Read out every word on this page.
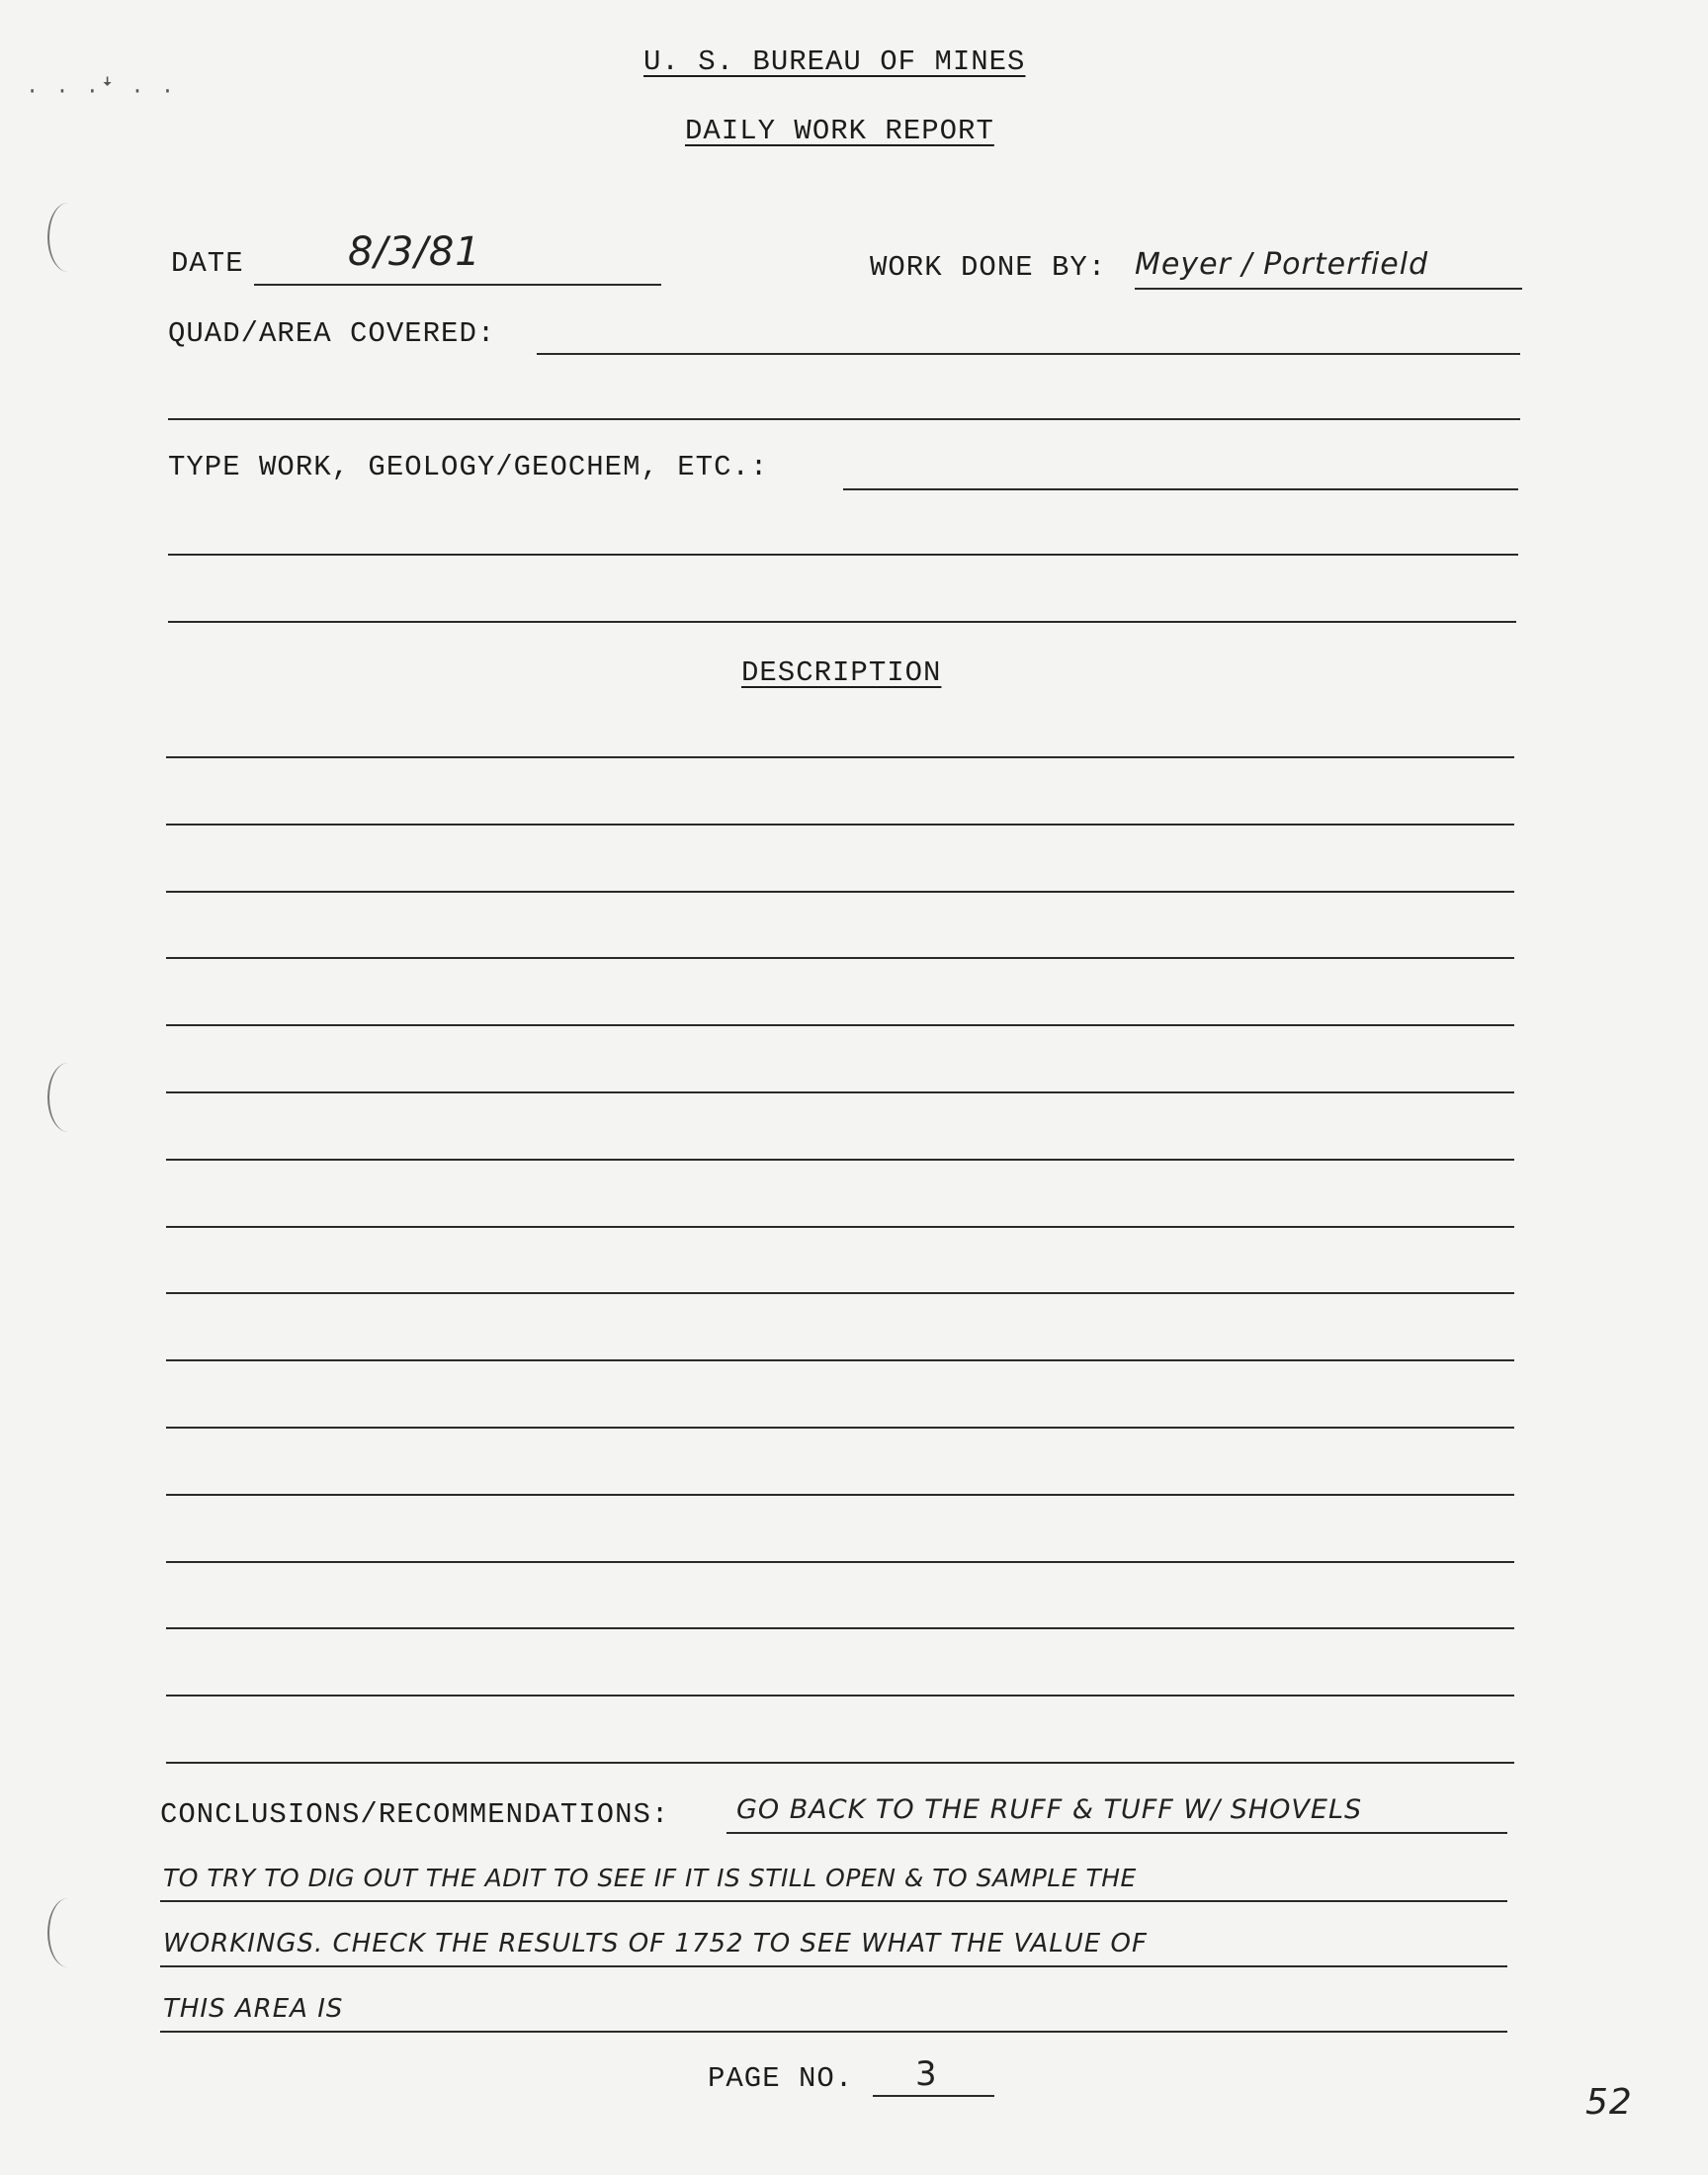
· · ·ꜜ · ·
U. S. BUREAU OF MINES
DAILY WORK REPORT
DATE	8/3/81	WORK DONE BY: Meyer / Porterfield
QUAD/AREA COVERED:
TYPE WORK, GEOLOGY/GEOCHEM, ETC.:
DESCRIPTION
CONCLUSIONS/RECOMMENDATIONS:	GO BACK TO THE RUFF & TUFF W/ SHOVELS
TO TRY TO DIG OUT THE ADIT TO SEE IF IT IS STILL OPEN & TO SAMPLE THE
WORKINGS. CHECK THE RESULTS OF 1752 TO SEE WHAT THE VALUE OF
THIS AREA IS
PAGE NO. 3
52
